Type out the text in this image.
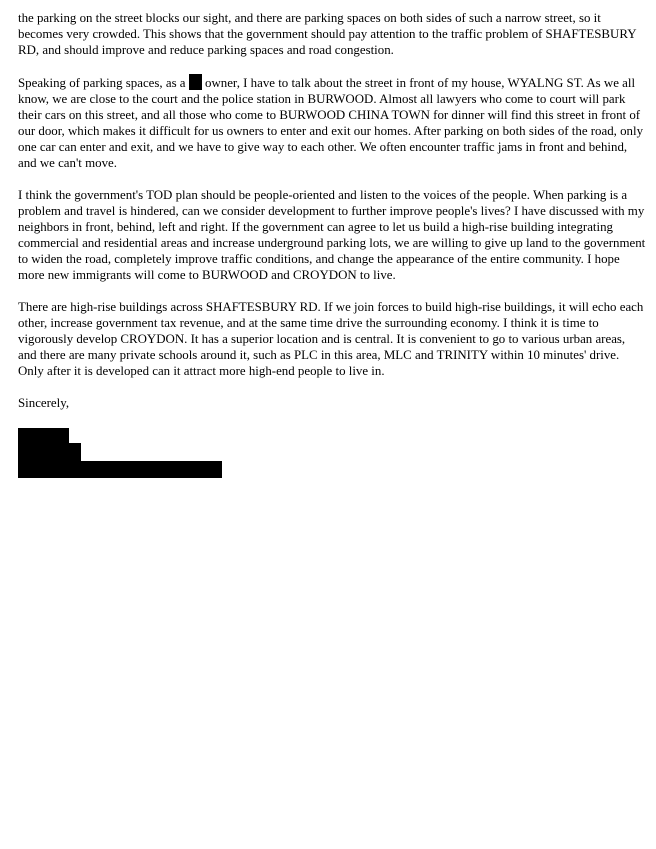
the parking on the street blocks our sight, and there are parking spaces on both sides of such a narrow street, so it becomes very crowded. This shows that the government should pay attention to the traffic problem of SHAFTESBURY RD, and should improve and reduce parking spaces and road congestion.

Speaking of parking spaces, as a owner, I have to talk about the street in front of my house, WYALNG ST. As we all know, we are close to the court and the police station in BURWOOD. Almost all lawyers who come to court will park their cars on this street, and all those who come to BURWOOD CHINA TOWN for dinner will find this street in front of our door, which makes it difficult for us owners to enter and exit our homes. After parking on both sides of the road, only one car can enter and exit, and we have to give way to each other. We often encounter traffic jams in front and behind, and we can't move.

I think the government's TOD plan should be people-oriented and listen to the voices of the people. When parking is a problem and travel is hindered, can we consider development to further improve people's lives? I have discussed with my neighbors in front, behind, left and right. If the government can agree to let us build a high-rise building integrating commercial and residential areas and increase underground parking lots, we are willing to give up land to the government to widen the road, completely improve traffic conditions, and change the appearance of the entire community. I hope more new immigrants will come to BURWOOD and CROYDON to live.

There are high-rise buildings across SHAFTESBURY RD. If we join forces to build high-rise buildings, it will echo each other, increase government tax revenue, and at the same time drive the surrounding economy. I think it is time to vigorously develop CROYDON. It has a superior location and is central. It is convenient to go to various urban areas, and there are many private schools around it, such as PLC in this area, MLC and TRINITY within 10 minutes' drive. Only after it is developed can it attract more high-end people to live in.

Sincerely,
